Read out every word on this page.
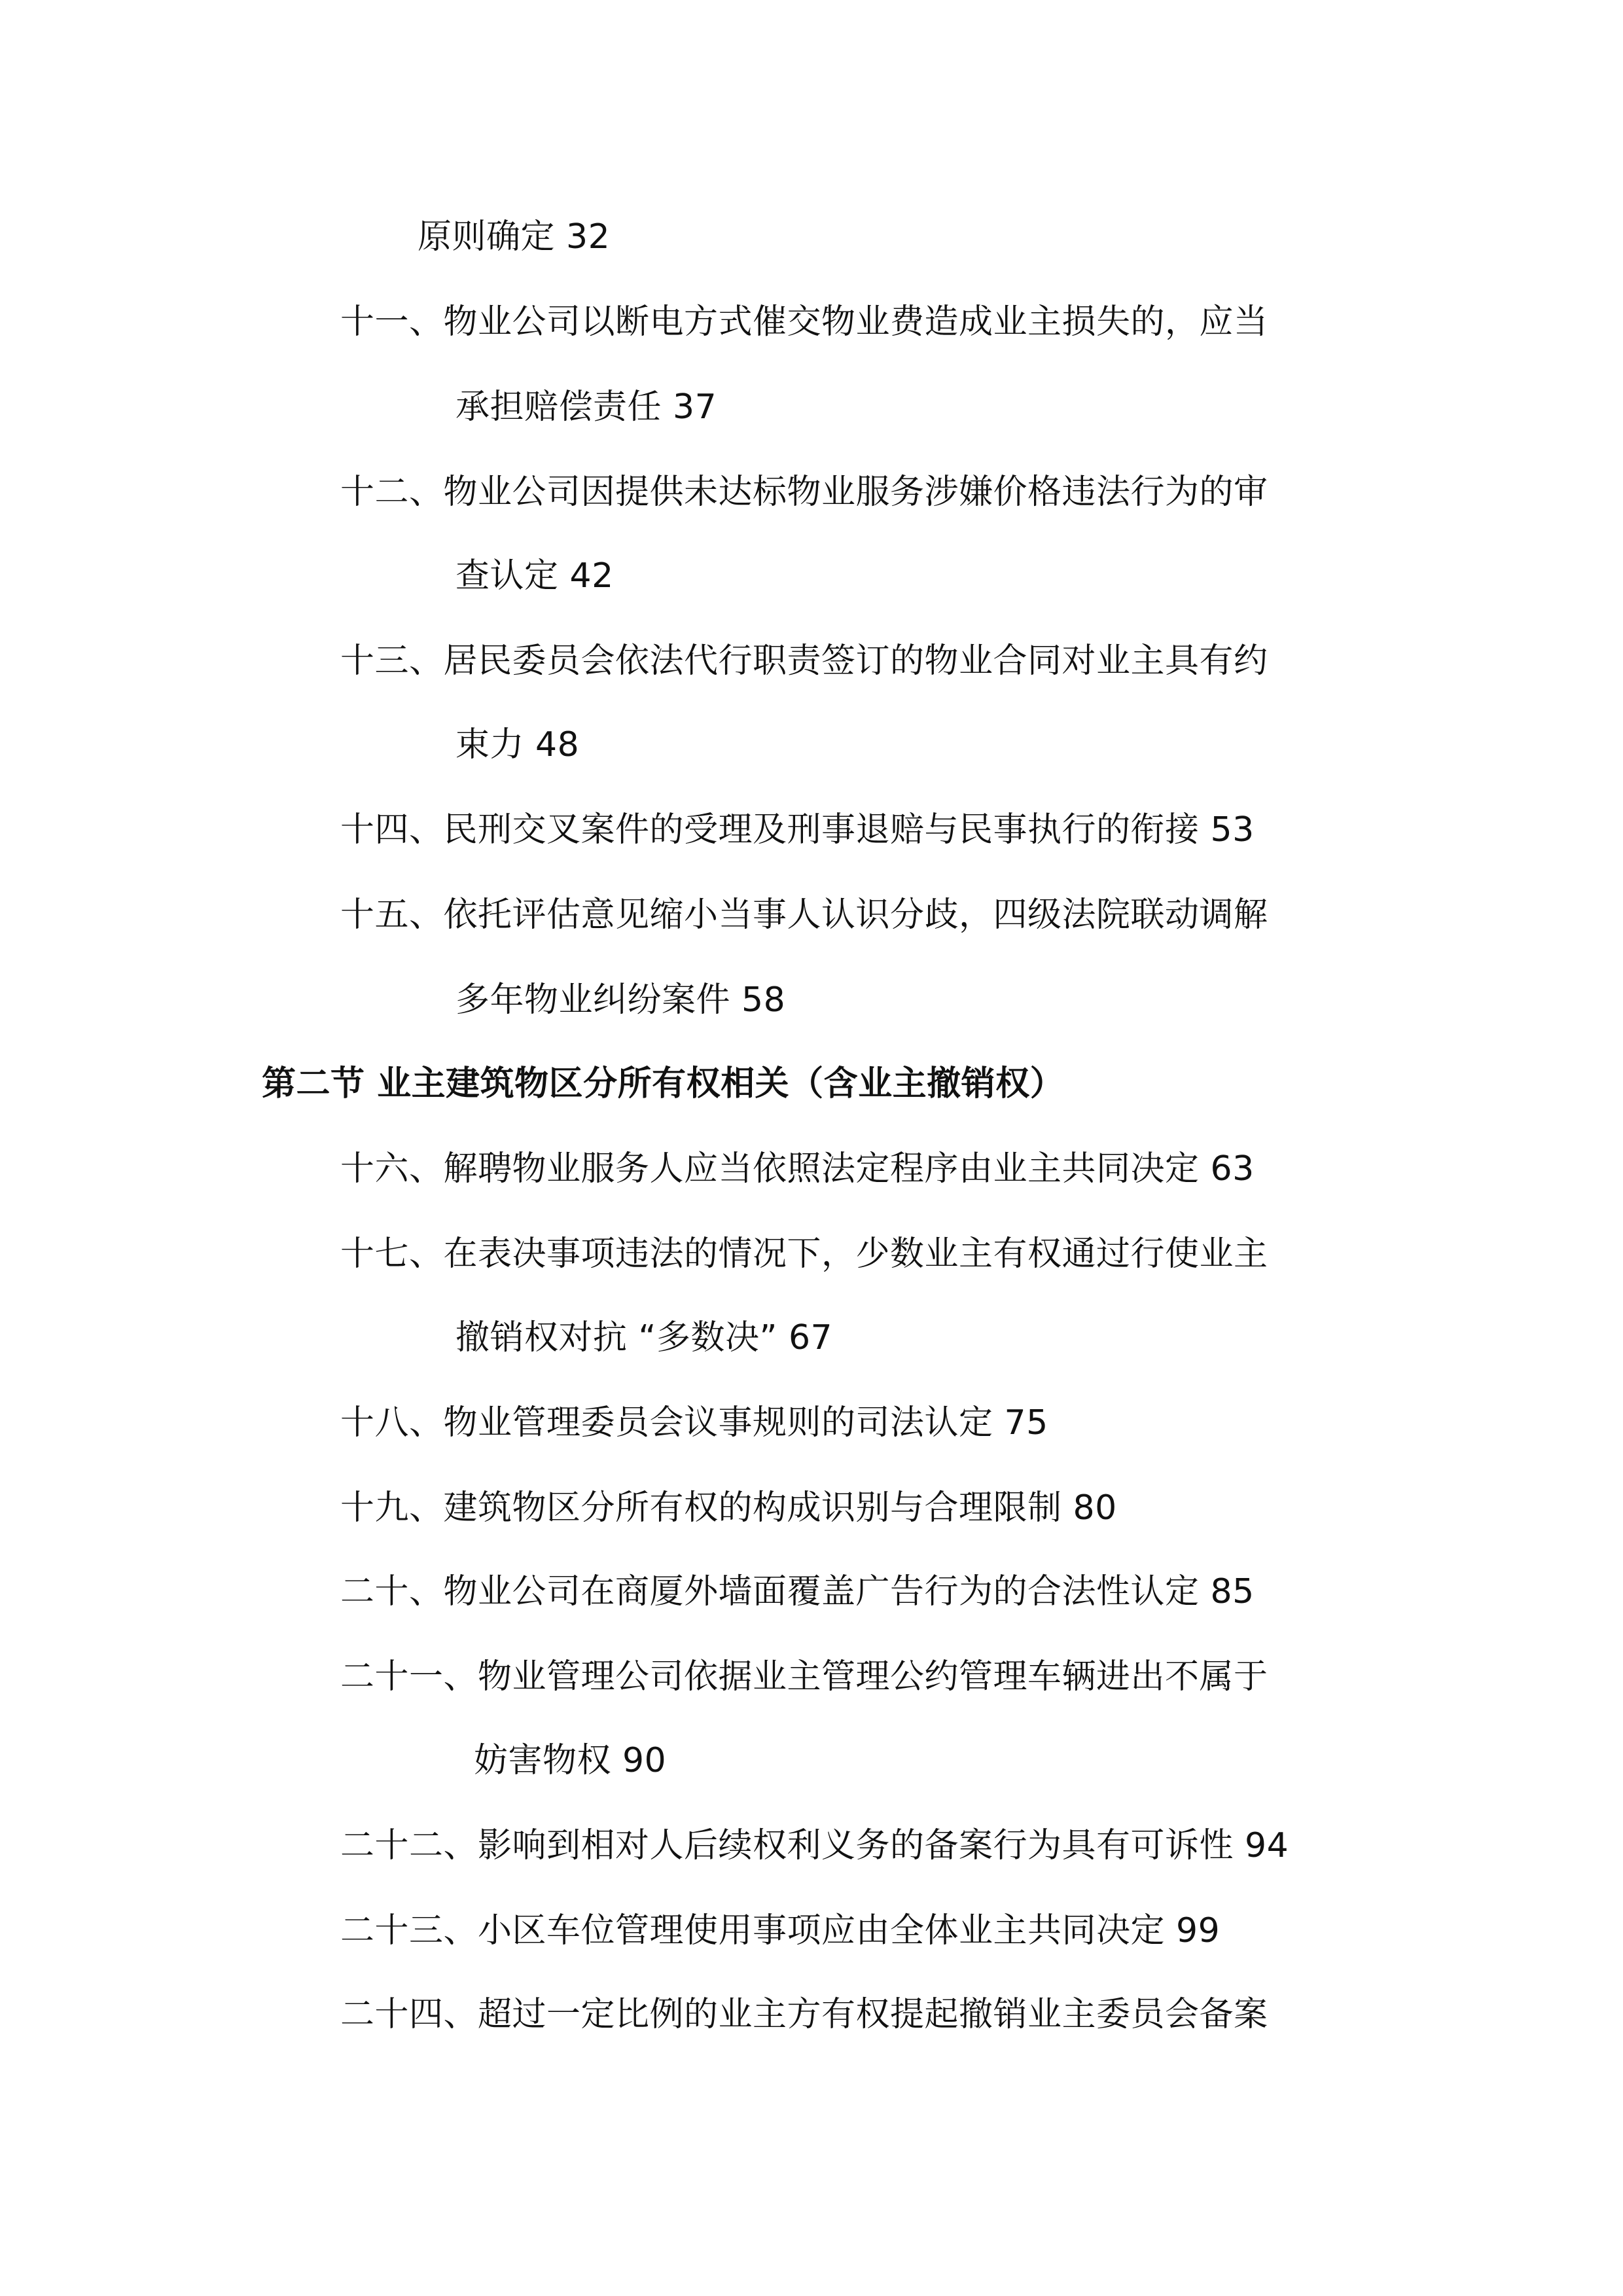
原则确定 32
十一、物业公司以断电方式催交物业费造成业主损失的，应当
承担赔偿责任 37
十二、物业公司因提供未达标物业服务涉嫌价格违法行为的审
查认定 42
十三、居民委员会依法代行职责签订的物业合同对业主具有约
束力 48
十四、民刑交叉案件的受理及刑事退赔与民事执行的衔接 53
十五、依托评估意见缩小当事人认识分歧，四级法院联动调解
多年物业纠纷案件 58
第二节 业主建筑物区分所有权相关（含业主撤销权）
十六、解聘物业服务人应当依照法定程序由业主共同决定 63
十七、在表决事项违法的情况下，少数业主有权通过行使业主
撤销权对抗 “多数决” 67
十八、物业管理委员会议事规则的司法认定 75
十九、建筑物区分所有权的构成识别与合理限制 80
二十、物业公司在商厦外墙面覆盖广告行为的合法性认定 85
二十一、物业管理公司依据业主管理公约管理车辆进出不属于
妨害物权 90
二十二、影响到相对人后续权利义务的备案行为具有可诉性 94
二十三、小区车位管理使用事项应由全体业主共同决定 99
二十四、超过一定比例的业主方有权提起撤销业主委员会备案
